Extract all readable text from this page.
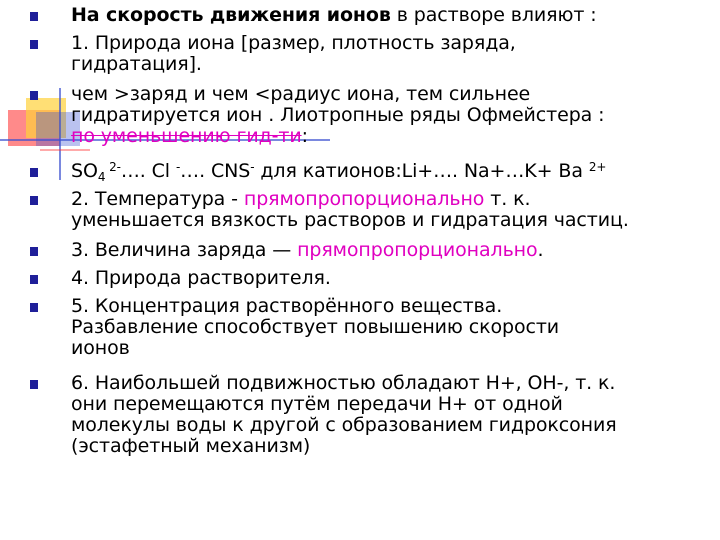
На скорость движения ионов в растворе влияют :
1. Природа иона [размер, плотность заряда,
гидратация].
чем >заряд и чем <радиус иона, тем сильнее
гидратируется ион . Лиотропные ряды Офмейстера :
по уменьшению гид-ти:
$SO_4$ $^{2-}$…. Cl -…. CNS- для катионов:Li+…. Na+…K+ Ba $^{2+}$
2. Температура - прямопропорционально т. к.
уменьшается вязкость растворов и гидратация частиц.
3. Величина заряда — прямопропорционально.
4. Природа растворителя.
5. Концентрация растворённого вещества.
Разбавление способствует повышению скорости
ионов
6. Наибольшей подвижностью обладают H+, OH-, т. к.
они перемещаются путём передачи H+ от одной
молекулы воды к другой с образованием гидроксония
(эстафетный механизм)
